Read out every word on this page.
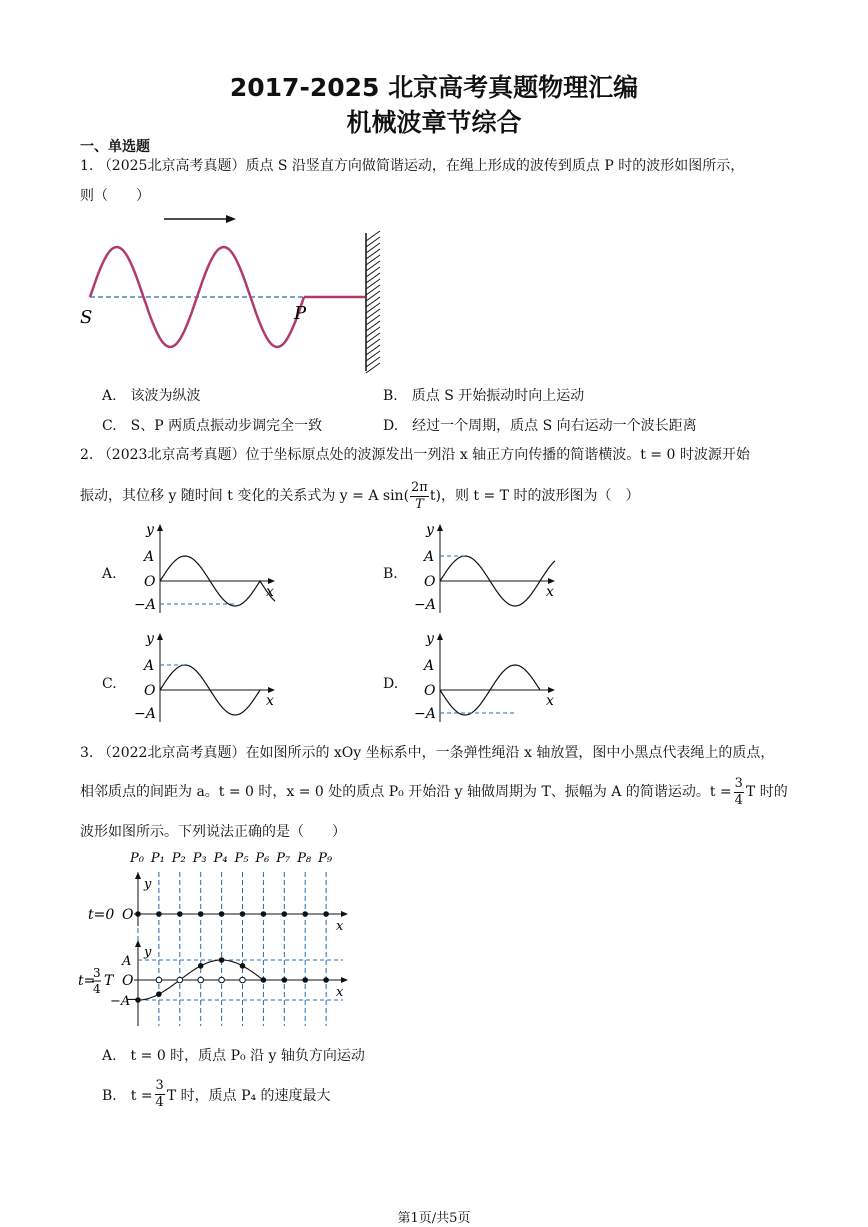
2017-2025 北京高考真题物理汇编
机械波章节综合
一、单选题
1. （2025北京高考真题）质点 S 沿竖直方向做简谐运动，在绳上形成的波传到质点 P 时的波形如图所示，
则（　　）
S	P
A.　该波为纵波	B.　质点 S 开始振动时向上运动
C.　S、P 两质点振动步调完全一致	D.　经过一个周期，质点 S 向右运动一个波长距离
2. （2023北京高考真题）位于坐标原点处的波源发出一列沿 x 轴正方向传播的简谐横波。t = 0 时波源开始
振动，其位移 y 随时间 t 变化的关系式为 y = A $\sin( \frac{2\pi}{T} t)$，则 t = T 时的波形图为（　）
A.	B.
C.	D.
y
x
O
A
−A
y
x
O
A
−A
y
x
O
A
−A
y
x
O
A
−A
3. （2022北京高考真题）在如图所示的 xOy 坐标系中，一条弹性绳沿 x 轴放置，图中小黑点代表绳上的质点，
相邻质点的间距为 a。t = 0 时，x = 0 处的质点 P₀ 开始沿 y 轴做周期为 T、振幅为 A 的简谐运动。$t = \frac{3}{4}$ T 时的
波形如图所示。下列说法正确的是（　　）
P₀ P₁ P₂ P₃ P₄ P₅ P₆ P₇ P₈ P₉
y
x
O
t=0
y
x
O
A
−A
t=
3
4 T
A.　t = 0 时，质点 P₀ 沿 y 轴负方向运动
B.　$t = \frac{3}{4}$ T 时，质点 P₄ 的速度最大
第1页/共5页
